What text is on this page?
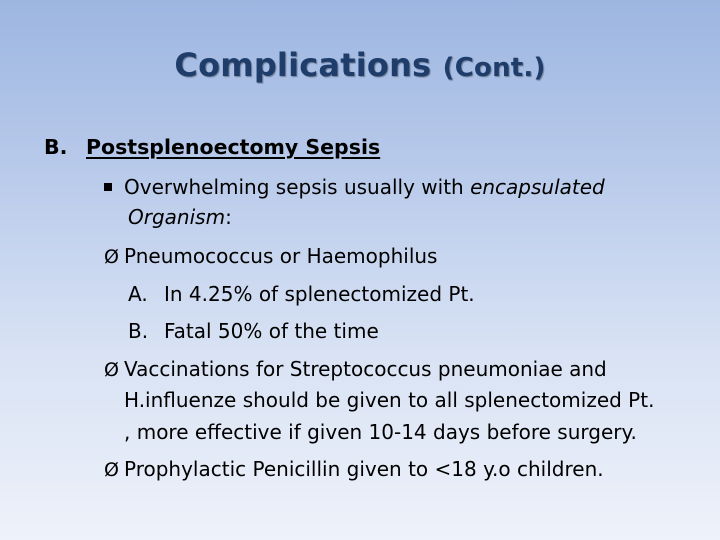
Complications (Cont.)
B. Postsplenoectomy Sepsis
Overwhelming sepsis usually with encapsulated
Organism:
Ø Pneumococcus or Haemophilus
A. In 4.25% of splenectomized Pt.
B. Fatal 50% of the time
Ø Vaccinations for Streptococcus pneumoniae and
H.influenze should be given to all splenectomized Pt.
, more effective if given 10-14 days before surgery.
Ø Prophylactic Penicillin given to <18 y.o children.
